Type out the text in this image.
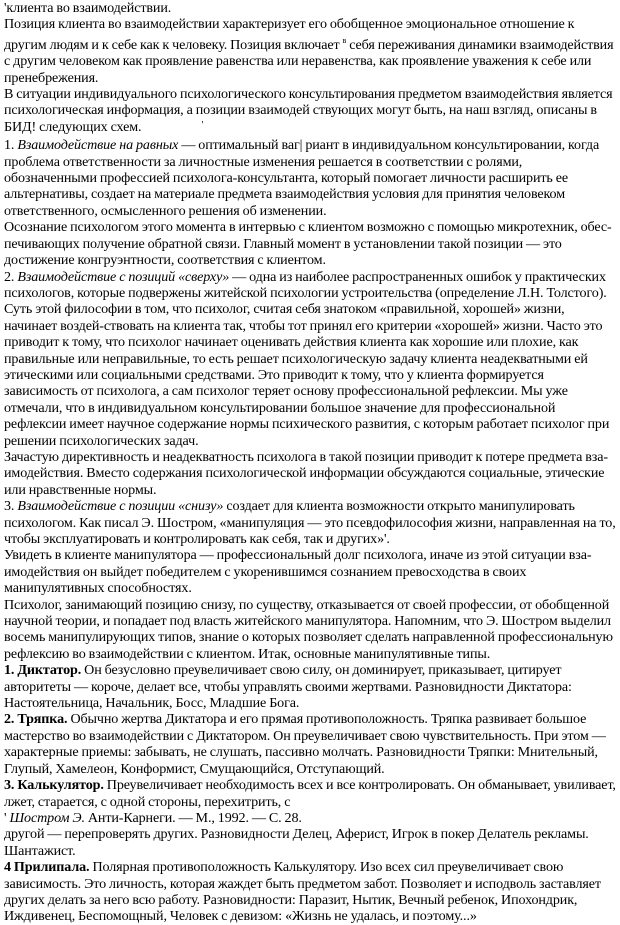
'клиента во взаимодействии.

Позиция клиента во взаимодействии характеризует его обобщенное эмоциональное отношение к другим людям и к себе как к человеку. Позиция включает $^в$ себя переживания динамики взаимодействия с другим человеком как проявление равенства или неравенства, как проявление уважения к себе или пренебрежения.

В ситуации индивидуального психологического консультирования предметом взаимодействия является психологическая информация, а позиции взаимодей ствующих могут быть, на наш взгляд, описаны в БИД! следующих схем.	'

1. Взаимодействие на равных — оптимальный ваг| риант в индивидуальном консультировании, когда проблема ответственности за личностные изменения решается в соответствии с ролями, обозначенными профессией психолога-консультанта, который помогает личности расширить ее альтернативы, создает на материале предмета взаимодействия условия для принятия человеком ответственного, осмысленного решения об изменении.

Осознание психологом этого момента в интервью с клиентом возможно с помощью микротехник, обес-печивающих получение обратной связи. Главный момент в установлении такой позиции — это достижение конгруэнтности, соответствия с клиентом.

2. Взаимодействие с позиций «сверху» — одна из наиболее распространенных ошибок у практических психологов, которые подвержены житейской психологии устроительства (определение Л.Н. Толстого). Суть этой философии в том, что психолог, считая себя знатоком «правильной, хорошей» жизни, начинает воздей-ствовать на клиента так, чтобы тот принял его критерии «хорошей» жизни. Часто это приводит к тому, что психолог начинает оценивать действия клиента как хорошие или плохие, как правильные или неправильные, то есть решает психологическую задачу клиента неадекватными ей этическими или социальными средствами. Это приводит к тому, что у клиента формируется зависимость от психолога, а сам психолог теряет основу профессиональной рефлексии. Мы уже отмечали, что в индивидуальном консультировании большое значение для профессиональной рефлексии имеет научное содержание нормы психического развития, с которым работает психолог при решении психологических задач.

Зачастую директивность и неадекватность психолога в такой позиции приводит к потере предмета вза-имодействия. Вместо содержания психологической информации обсуждаются социальные, этические или нравственные нормы.

3. Взаимодействие с позиции «снизу» создает для клиента возможности открыто манипулировать психологом. Как писал Э. Шостром, «манипуляция — это псевдофилософия жизни, направленная на то, чтобы эксплуатировать и контролировать как себя, так и других»'.

Увидеть в клиенте манипулятора — профессиональный долг психолога, иначе из этой ситуации вза-имодействия он выйдет победителем с укоренившимся сознанием превосходства в своих манипулятивных способностях.

Психолог, занимающий позицию снизу, по существу, отказывается от своей профессии, от обобщенной научной теории, и попадает под власть житейского манипулятора. Напомним, что Э. Шостром выделил восемь манипулирующих типов, знание о которых позволяет сделать направленной профессиональную рефлексию во взаимодействии с клиентом. Итак, основные манипулятивные типы.

1. Диктатор. Он безусловно преувеличивает свою силу, он доминирует, приказывает, цитирует авторитеты — короче, делает все, чтобы управлять своими жертвами. Разновидности Диктатора: Настоятельница, Начальник, Босс, Младшие Бога.

2. Тряпка. Обычно жертва Диктатора и его прямая противоположность. Тряпка развивает большое мастерство во взаимодействии с Диктатором. Он преувеличивает свою чувствительность. При этом — характерные приемы: забывать, не слушать, пассивно молчать. Разновидности Тряпки: Мнительный, Глупый, Хамелеон, Конформист, Смущающийся, Отступающий.

3. Калькулятор. Преувеличивает необходимость всех и все контролировать. Он обманывает, увиливает, лжет, старается, с одной стороны, перехитрить, с

' Шостром Э. Анти-Карнеги. — М., 1992. — С. 28.

другой — перепроверять других. Разновидности Делец, Аферист, Игрок в покер Делатель рекламы. Шантажист.

4 Прилипала. Полярная противоположность Калькулятору. Изо всех сил преувеличивает свою зависимость. Это личность, которая жаждет быть предметом забот. Позволяет и исподволь заставляет других делать за него всю работу. Разновидности: Паразит, Нытик, Вечный ребенок, Ипохондрик, Иждивенец, Беспомощный, Человек с девизом: «Жизнь не удалась, и поэтому...»
